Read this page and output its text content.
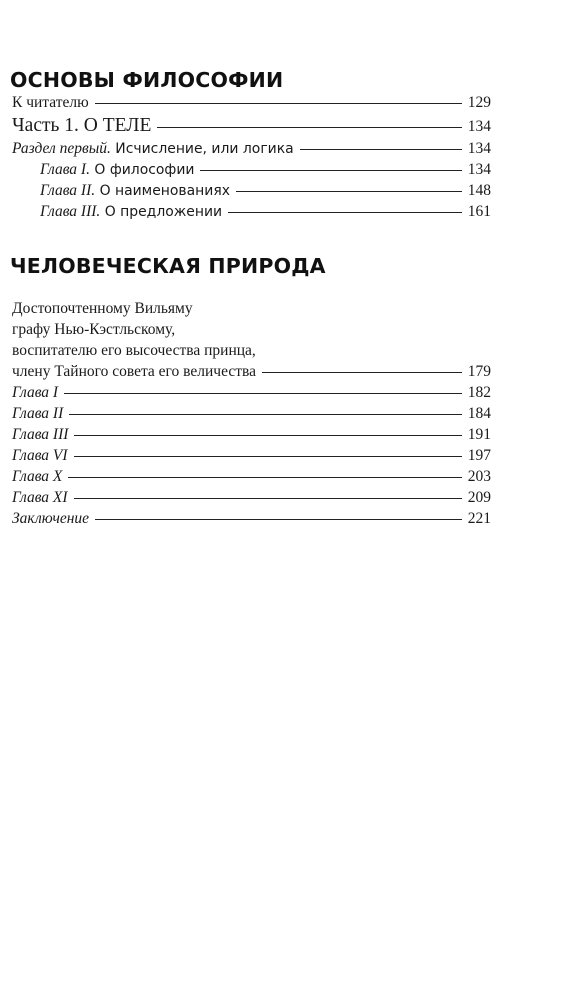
ОСНОВЫ ФИЛОСОФИИ
К читателю	129
Часть 1. О ТЕЛЕ	134
Раздел первый. Исчисление, или логика	134
Глава I. О философии	134
Глава II. О наименованиях	148
Глава III. О предложении	161
ЧЕЛОВЕЧЕСКАЯ ПРИРОДА
Достопочтенному Вильяму
графу Нью-Кэстльскому,
воспитателю его высочества принца,
члену Тайного совета его величества	179
Глава I	182
Глава II	184
Глава III	191
Глава VI	197
Глава X	203
Глава XI	209
Заключение	221
